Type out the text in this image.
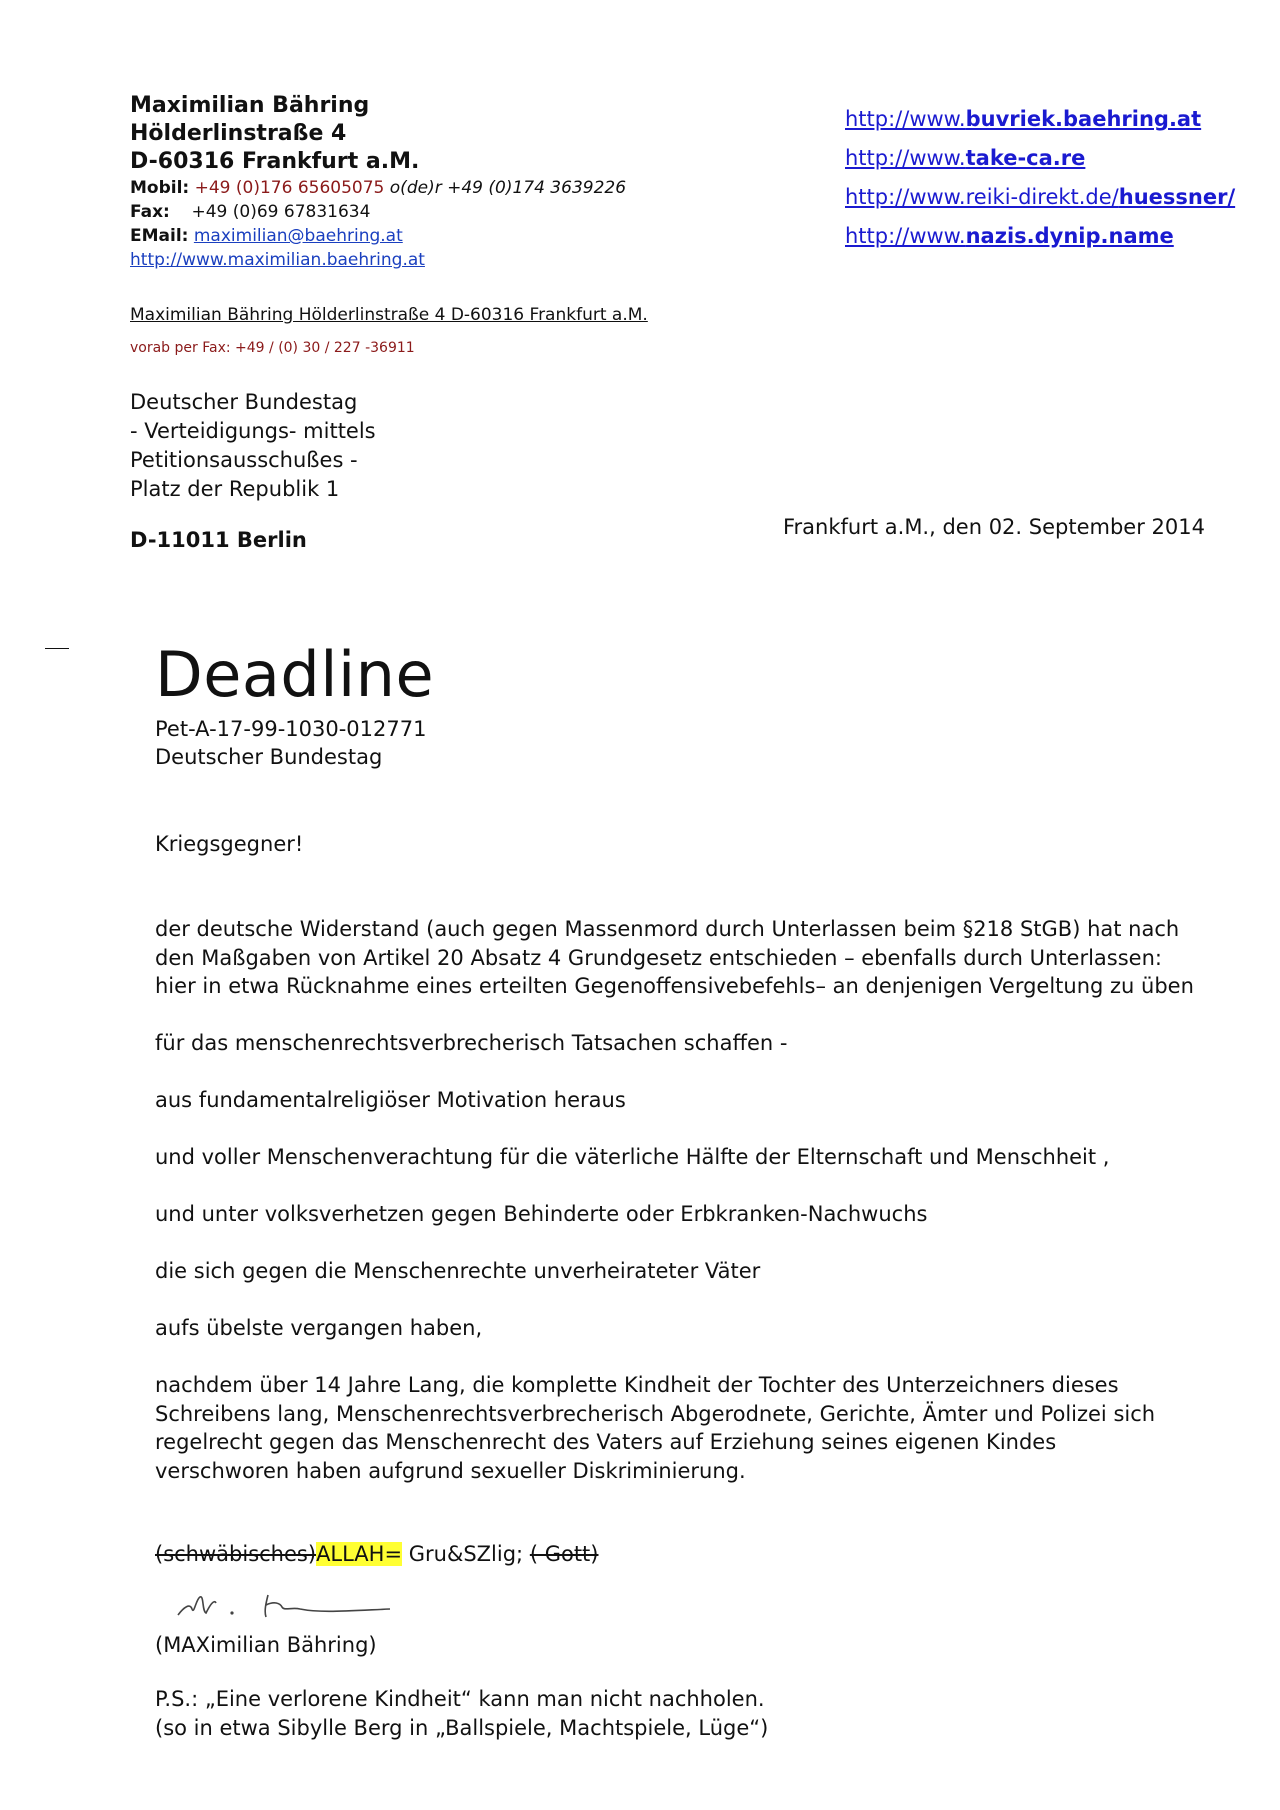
Maximilian Bähring
Hölderlinstraße 4
D-60316 Frankfurt a.M.
Mobil: +49 (0)176 65605075 o(de)r +49 (0)174 3639226
Fax: +49 (0)69 67831634
EMail: maximilian@baehring.at
http://www.maximilian.baehring.at
http://www.buvriek.baehring.at
http://www.take-ca.re
http://www.reiki-direkt.de/huessner/
http://www.nazis.dynip.name
Maximilian Bähring Hölderlinstraße 4 D-60316 Frankfurt a.M.
vorab per Fax: +49 / (0) 30 / 227 -36911
Deutscher Bundestag
- Verteidigungs- mittels
Petitionsausschußes -
Platz der Republik 1
D-11011 Berlin
Frankfurt a.M., den 02. September 2014
Deadline
Pet-A-17-99-1030-012771
Deutscher Bundestag
Kriegsgegner!

der deutsche Widerstand (auch gegen Massenmord durch Unterlassen beim §218 StGB) hat nach den Maßgaben von Artikel 20 Absatz 4 Grundgesetz entschieden – ebenfalls durch Unterlassen: hier in etwa Rücknahme eines erteilten Gegenoffensivebefehls– an denjenigen Vergeltung zu üben

für das menschenrechtsverbrecherisch Tatsachen schaffen -

aus fundamentalreligiöser Motivation heraus

und voller Menschenverachtung für die väterliche Hälfte der Elternschaft und Menschheit ,

und unter volksverhetzen gegen Behinderte oder Erbkranken-Nachwuchs

die sich gegen die Menschenrechte unverheirateter Väter

aufs übelste vergangen haben,

nachdem über 14 Jahre Lang, die komplette Kindheit der Tochter des Unterzeichners dieses Schreibens lang, Menschenrechtsverbrecherisch Abgerodnete, Gerichte, Ämter und Polizei sich regelrecht gegen das Menschenrecht des Vaters auf Erziehung seines eigenen Kindes verschworen haben aufgrund sexueller Diskriminierung.

(schwäbisches)ALLAH= Gru&SZlig; ( Gott)
(MAXimilian Bähring)
P.S.: „Eine verlorene Kindheit“ kann man nicht nachholen.
(so in etwa Sibylle Berg in „Ballspiele, Machtspiele, Lüge“)
